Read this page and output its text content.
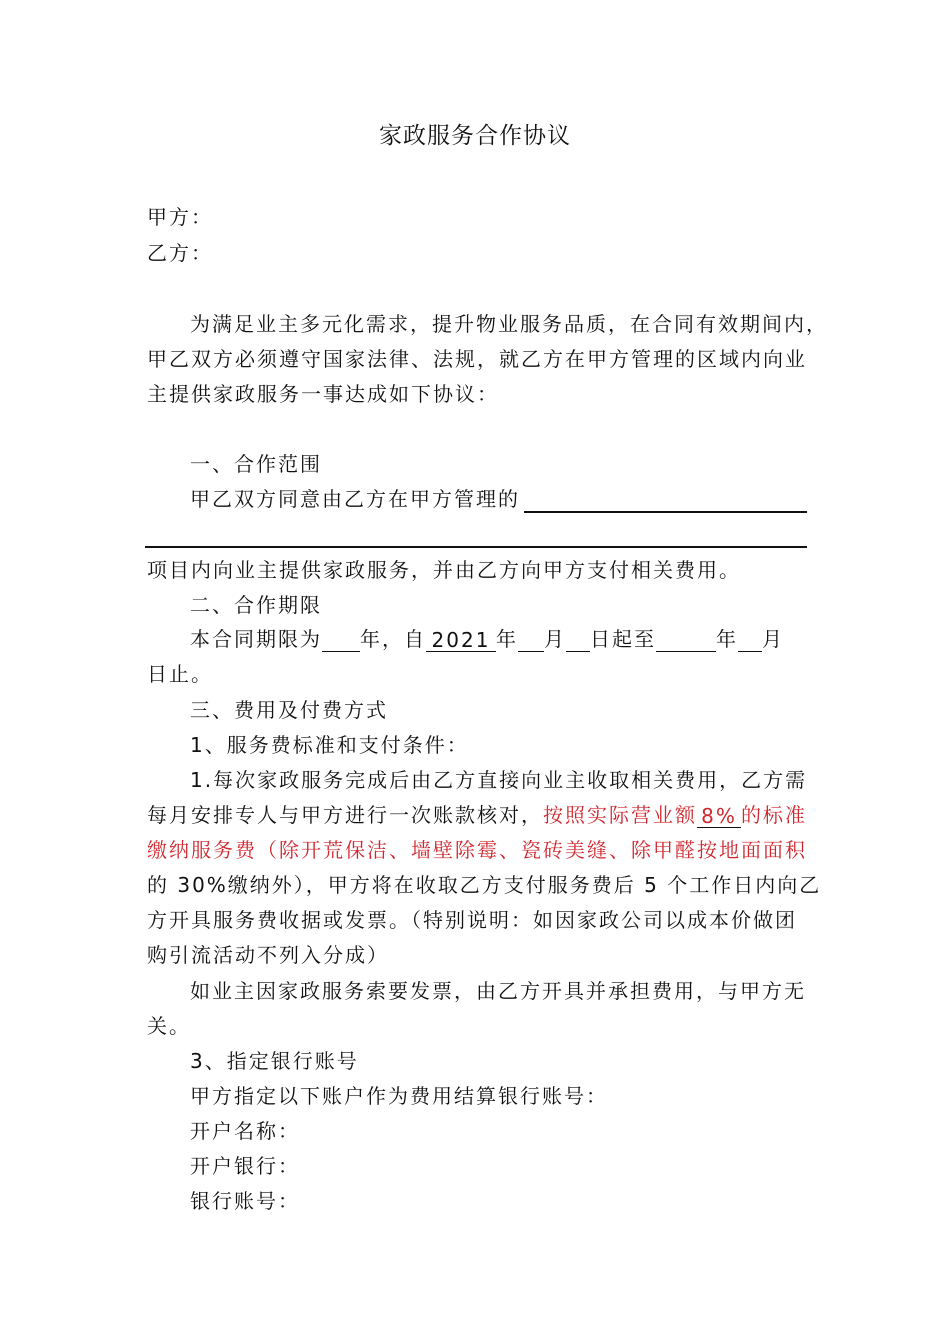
家政服务合作协议
甲方：
乙方：
为满足业主多元化需求，提升物业服务品质，在合同有效期间内，
甲乙双方必须遵守国家法律、法规，就乙方在甲方管理的区域内向业
主提供家政服务一事达成如下协议：
一、合作范围
甲乙双方同意由乙方在甲方管理的
项目内向业主提供家政服务，并由乙方向甲方支付相关费用。
二、合作期限
本合同期限为 年，自 2021 年 月 日起至	年 月
日止。
三、费用及付费方式
1、服务费标准和支付条件：
1.每次家政服务完成后由乙方直接向业主收取相关费用，乙方需
每月安排专人与甲方进行一次账款核对，按照实际营业额 8% 的标准
缴纳服务费（除开荒保洁、墙壁除霉、瓷砖美缝、除甲醛按地面面积
的 30%缴纳外），甲方将在收取乙方支付服务费后 5 个工作日内向乙
方开具服务费收据或发票。（特别说明：如因家政公司以成本价做团
购引流活动不列入分成）
如业主因家政服务索要发票，由乙方开具并承担费用，与甲方无
关。
3、指定银行账号
甲方指定以下账户作为费用结算银行账号：
开户名称：
开户银行：
银行账号：
